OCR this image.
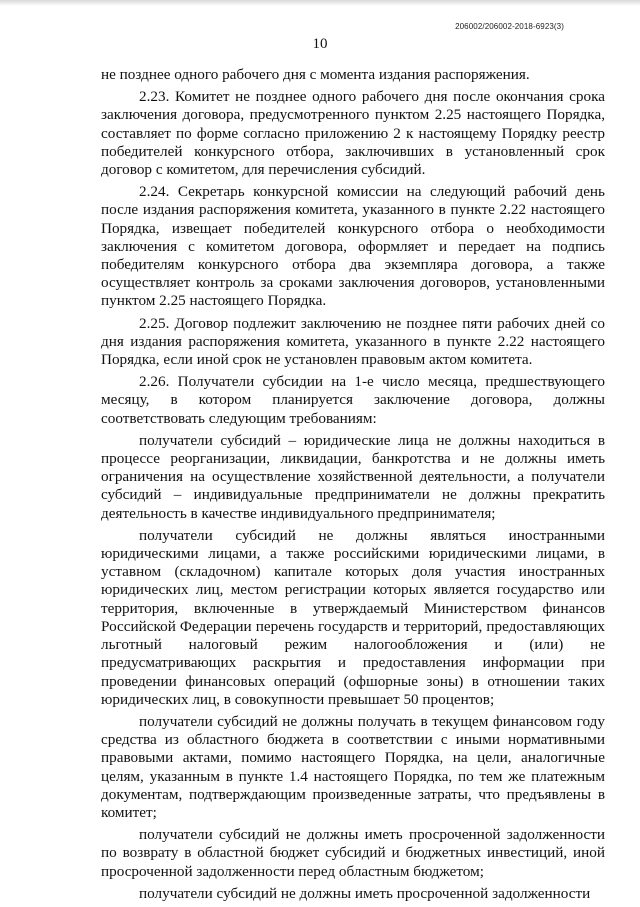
206002/206002-2018-6923(3)
10

не позднее одного рабочего дня с момента издания распоряжения.

2.23. Комитет не позднее одного рабочего дня после окончания срока заключения договора, предусмотренного пунктом 2.25 настоящего Порядка, составляет по форме согласно приложению 2 к настоящему Порядку реестр победителей конкурсного отбора, заключивших в установленный срок договор с комитетом, для перечисления субсидий.

2.24. Секретарь конкурсной комиссии на следующий рабочий день после издания распоряжения комитета, указанного в пункте 2.22 настоящего Порядка, извещает победителей конкурсного отбора о необходимости заключения с комитетом договора, оформляет и передает на подпись победителям конкурсного отбора два экземпляра договора, а также осуществляет контроль за сроками заключения договоров, установленными пунктом 2.25 настоящего Порядка.

2.25. Договор подлежит заключению не позднее пяти рабочих дней со дня издания распоряжения комитета, указанного в пункте 2.22 настоящего Порядка, если иной срок не установлен правовым актом комитета.

2.26. Получатели субсидии на 1-е число месяца, предшествующего месяцу, в котором планируется заключение договора, должны соответствовать следующим требованиям:

получатели субсидий – юридические лица не должны находиться в процессе реорганизации, ликвидации, банкротства и не должны иметь ограничения на осуществление хозяйственной деятельности, а получатели субсидий – индивидуальные предприниматели не должны прекратить деятельность в качестве индивидуального предпринимателя;

получатели субсидий не должны являться иностранными юридическими лицами, а также российскими юридическими лицами, в уставном (складочном) капитале которых доля участия иностранных юридических лиц, местом регистрации которых является государство или территория, включенные в утверждаемый Министерством финансов Российской Федерации перечень государств и территорий, предоставляющих льготный налоговый режим налогообложения и (или) не предусматривающих раскрытия и предоставления информации при проведении финансовых операций (офшорные зоны) в отношении таких юридических лиц, в совокупности превышает 50 процентов;

получатели субсидий не должны получать в текущем финансовом году средства из областного бюджета в соответствии с иными нормативными правовыми актами, помимо настоящего Порядка, на цели, аналогичные целям, указанным в пункте 1.4 настоящего Порядка, по тем же платежным документам, подтверждающим произведенные затраты, что предъявлены в комитет;

получатели субсидий не должны иметь просроченной задолженности по возврату в областной бюджет субсидий и бюджетных инвестиций, иной просроченной задолженности перед областным бюджетом;

получатели субсидий не должны иметь просроченной задолженности
